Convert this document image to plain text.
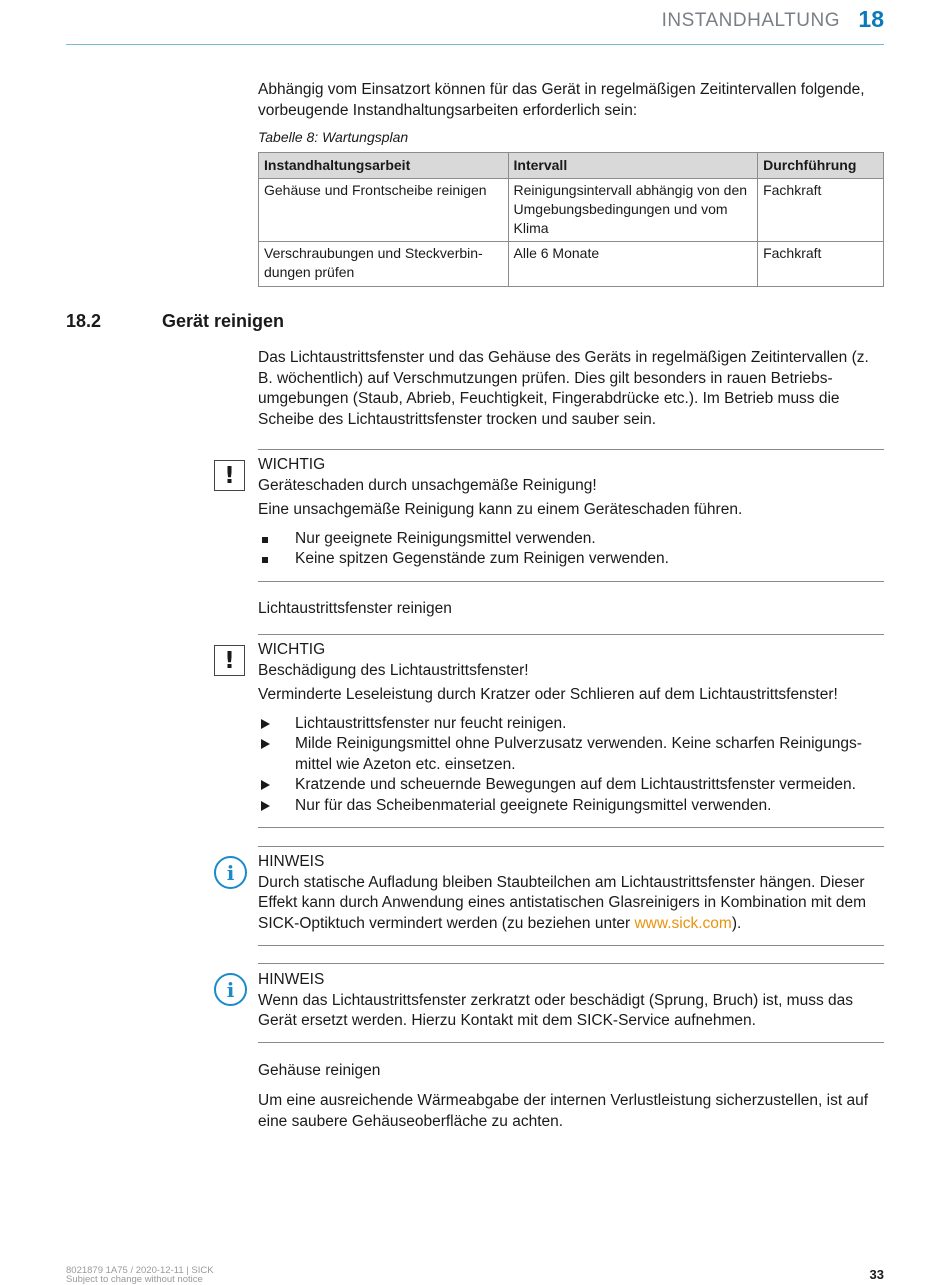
INSTANDHALTUNG 18

Abhängig vom Einsatzort können für das Gerät in regelmäßigen Zeitintervallen folgende, vorbeugende Instandhaltungsarbeiten erforderlich sein:

Tabelle 8: Wartungsplan
Instandhaltungsarbeit	Intervall	Durchführung
Gehäuse und Frontscheibe reinigen	Reinigungsintervall abhängig von den Umgebungsbedingungen und vom Klima	Fachkraft
Verschraubungen und Steckverbindungen prüfen	Alle 6 Monate	Fachkraft
18.2	Gerät reinigen

Das Lichtaustrittsfenster und das Gehäuse des Geräts in regelmäßigen Zeitintervallen (z. B. wöchentlich) auf Verschmutzungen prüfen. Dies gilt besonders in rauen Betriebsumgebungen (Staub, Abrieb, Feuchtigkeit, Fingerabdrücke etc.). Im Betrieb muss die Scheibe des Lichtaustrittsfenster trocken und sauber sein.

!	WICHTIG
Geräteschaden durch unsachgemäße Reinigung!
Eine unsachgemäße Reinigung kann zu einem Geräteschaden führen.
Nur geeignete Reinigungsmittel verwenden.
Keine spitzen Gegenstände zum Reinigen verwenden.
Lichtaustrittsfenster reinigen
!	WICHTIG
Beschädigung des Lichtaustrittsfenster!
Verminderte Leseleistung durch Kratzer oder Schlieren auf dem Lichtaustrittsfenster!
Lichtaustrittsfenster nur feucht reinigen.
Milde Reinigungsmittel ohne Pulverzusatz verwenden. Keine scharfen Reinigungsmittel wie Azeton etc. einsetzen.
Kratzende und scheuernde Bewegungen auf dem Lichtaustrittsfenster vermeiden.
Nur für das Scheibenmaterial geeignete Reinigungsmittel verwenden.
i	HINWEIS
Durch statische Aufladung bleiben Staubteilchen am Lichtaustrittsfenster hängen. Dieser Effekt kann durch Anwendung eines antistatischen Glasreinigers in Kombination mit dem SICK-Optiktuch vermindert werden (zu beziehen unter www.sick.com).
i	HINWEIS
Wenn das Lichtaustrittsfenster zerkratzt oder beschädigt (Sprung, Bruch) ist, muss das Gerät ersetzt werden. Hierzu Kontakt mit dem SICK-Service aufnehmen.
Gehäuse reinigen

Um eine ausreichende Wärmeabgabe der internen Verlustleistung sicherzustellen, ist auf eine saubere Gehäuseoberfläche zu achten.

8021879 1A75 / 2020-12-11 | SICK
Subject to change without notice	33
